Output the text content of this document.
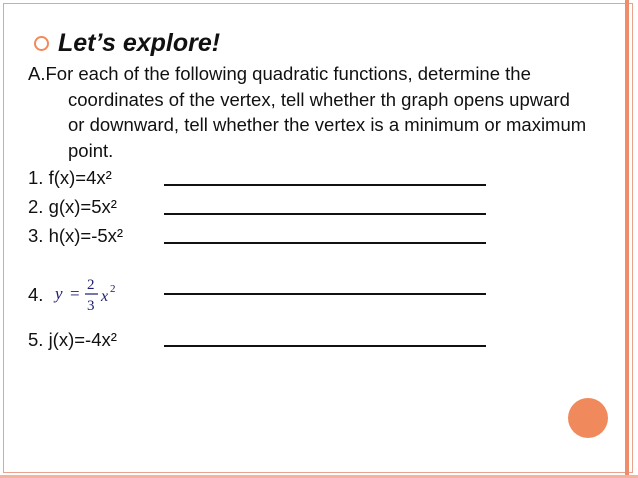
Let’s explore!
A.For each of the following quadratic functions, determine the coordinates of the vertex, tell whether th graph opens upward or downward, tell whether the vertex is a minimum or maximum point.
1. f(x)=4x²
2. g(x)=5x²
3. h(x)=-5x²
4. y = 2
3
x 2
5. j(x)=-4x²
